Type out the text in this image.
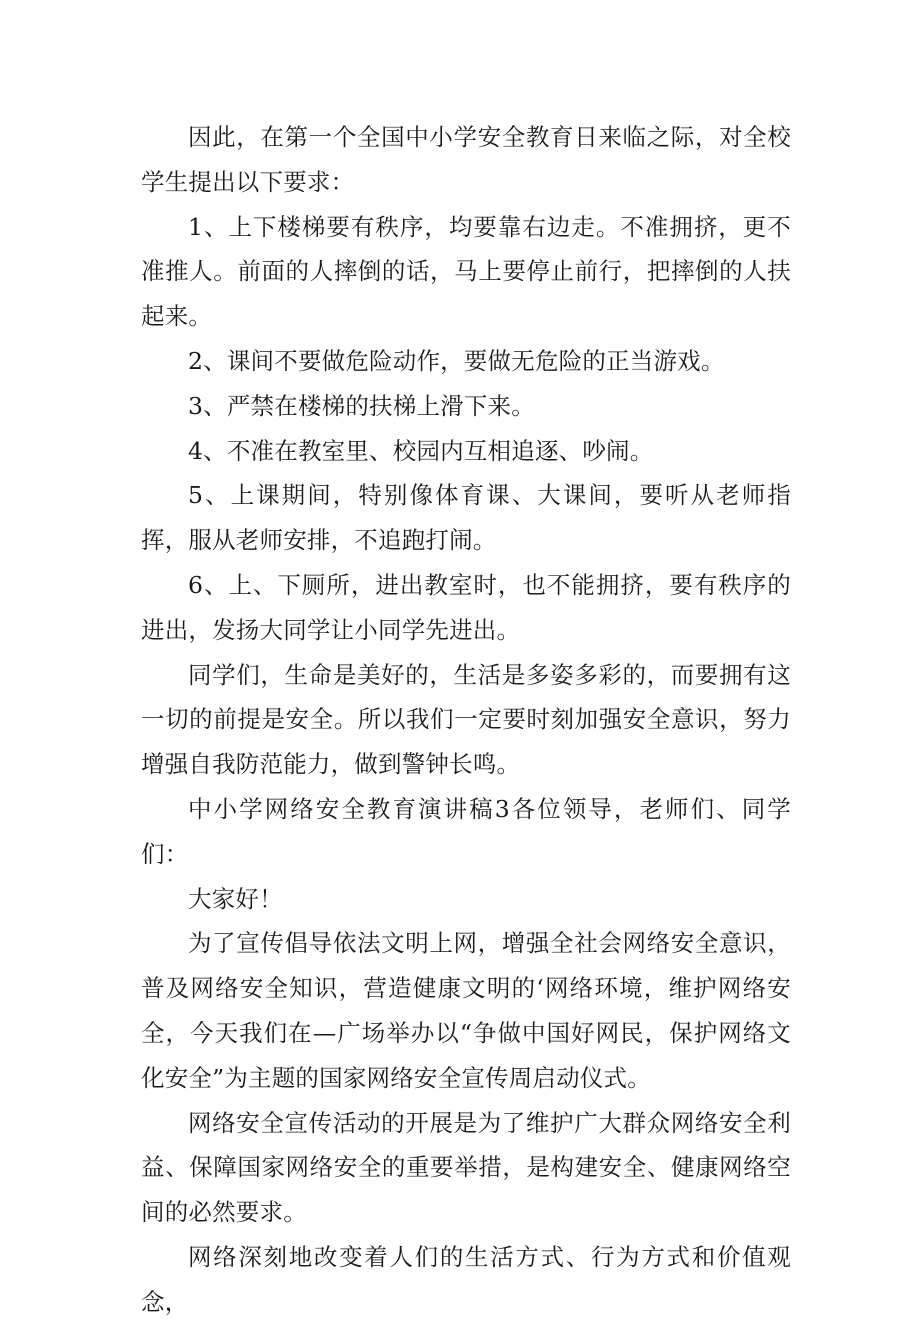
因此，在第一个全国中小学安全教育日来临之际，对全校学生提出以下要求：

1、上下楼梯要有秩序，均要靠右边走。不准拥挤，更不准推人。前面的人摔倒的话，马上要停止前行，把摔倒的人扶起来。

2、课间不要做危险动作，要做无危险的正当游戏。

3、严禁在楼梯的扶梯上滑下来。

4、不准在教室里、校园内互相追逐、吵闹。

5、上课期间，特别像体育课、大课间，要听从老师指挥，服从老师安排，不追跑打闹。

6、上、下厕所，进出教室时，也不能拥挤，要有秩序的进出，发扬大同学让小同学先进出。

同学们，生命是美好的，生活是多姿多彩的，而要拥有这一切的前提是安全。所以我们一定要时刻加强安全意识，努力增强自我防范能力，做到警钟长鸣。

中小学网络安全教育演讲稿3各位领导，老师们、同学们：

大家好！

为了宣传倡导依法文明上网，增强全社会网络安全意识，普及网络安全知识，营造健康文明的‘网络环境，维护网络安全，今天我们在—广场举办以“争做中国好网民，保护网络文化安全”为主题的国家网络安全宣传周启动仪式。

网络安全宣传活动的开展是为了维护广大群众网络安全利益、保障国家网络安全的重要举措，是构建安全、健康网络空间的必然要求。

网络深刻地改变着人们的生活方式、行为方式和价值观念，
